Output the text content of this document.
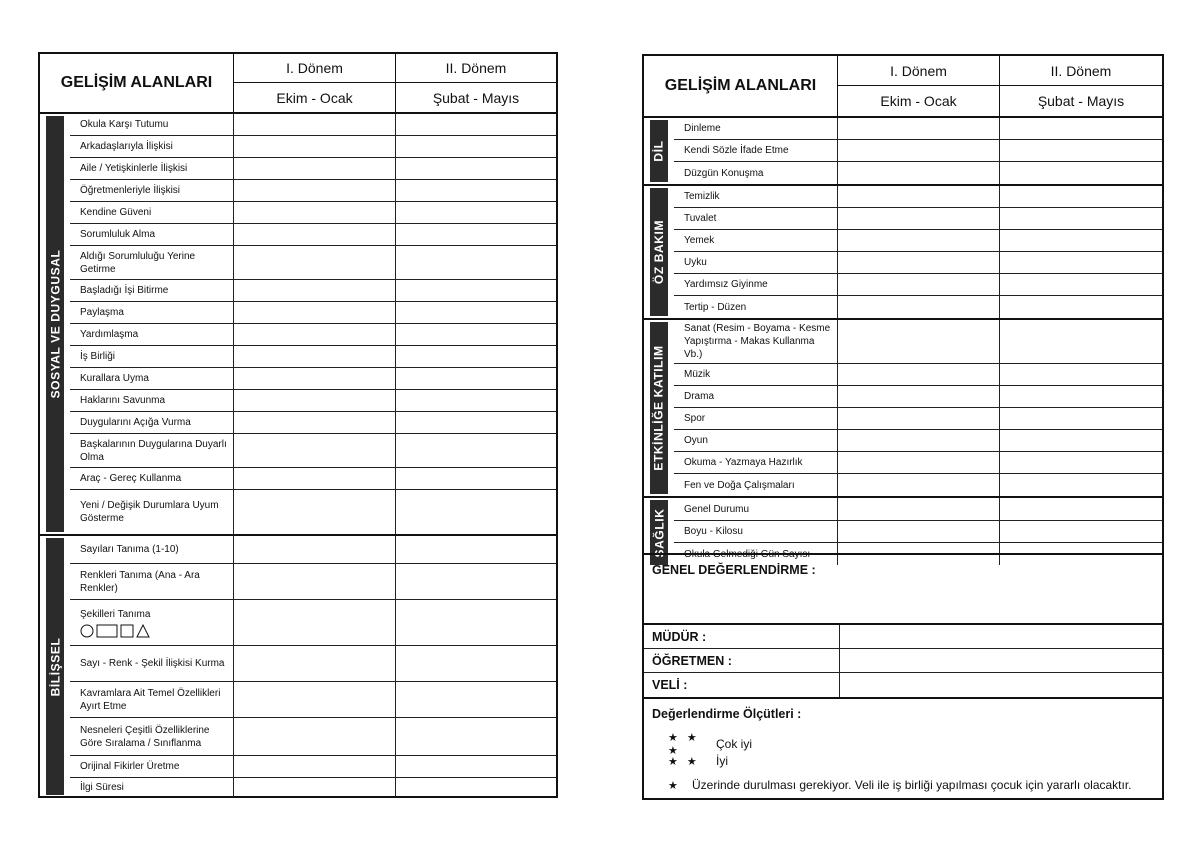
GELİŞİM ALANLARI
I. Dönem
Ekim - Ocak
II. Dönem
Şubat - Mayıs
SOSYAL VE DUYGUSAL
Okula Karşı Tutumu
Arkadaşlarıyla İlişkisi
Aile / Yetişkinlerle İlişkisi
Öğretmenleriyle İlişkisi
Kendine Güveni
Sorumluluk Alma
Aldığı Sorumluluğu Yerine Getirme
Başladığı İşi Bitirme
Paylaşma
Yardımlaşma
İş Birliği
Kurallara Uyma
Haklarını Savunma
Duygularını Açığa Vurma
Başkalarının Duygularına Duyarlı Olma
Araç - Gereç Kullanma
Yeni / Değişik Durumlara Uyum Gösterme
BİLİŞSEL
Sayıları Tanıma (1-10)
Renkleri Tanıma (Ana - Ara Renkler)
Şekilleri Tanıma
Sayı - Renk - Şekil İlişkisi Kurma
Kavramlara Ait Temel Özellikleri Ayırt Etme
Nesneleri Çeşitli Özelliklerine Göre Sıralama / Sınıflanma
Orijinal Fikirler Üretme
İlgi Süresi
GELİŞİM ALANLARI
I. Dönem
Ekim - Ocak
II. Dönem
Şubat - Mayıs
DİL
Dinleme
Kendi Sözle İfade Etme
Düzgün Konuşma
ÖZ BAKIM
Temizlik
Tuvalet
Yemek
Uyku
Yardımsız Giyinme
Tertip - Düzen
ETKİNLİĞE KATILIM
Sanat (Resim - Boyama - Kesme Yapıştırma - Makas Kullanma Vb.)
Müzik
Drama
Spor
Oyun
Okuma - Yazmaya Hazırlık
Fen ve Doğa Çalışmaları
SAĞLIK Genel Durumu
Boyu - Kilosu
Okula Gelmediği Gün Sayısı
GENEL DEĞERLENDİRME :
MÜDÜR :
ÖĞRETMEN :
VELİ :
Değerlendirme Ölçütleri :
★ ★ ★	Çok iyi
★ ★	İyi
★ Üzerinde durulması gerekiyor. Veli ile iş birliği yapılması çocuk için yararlı olacaktır.
